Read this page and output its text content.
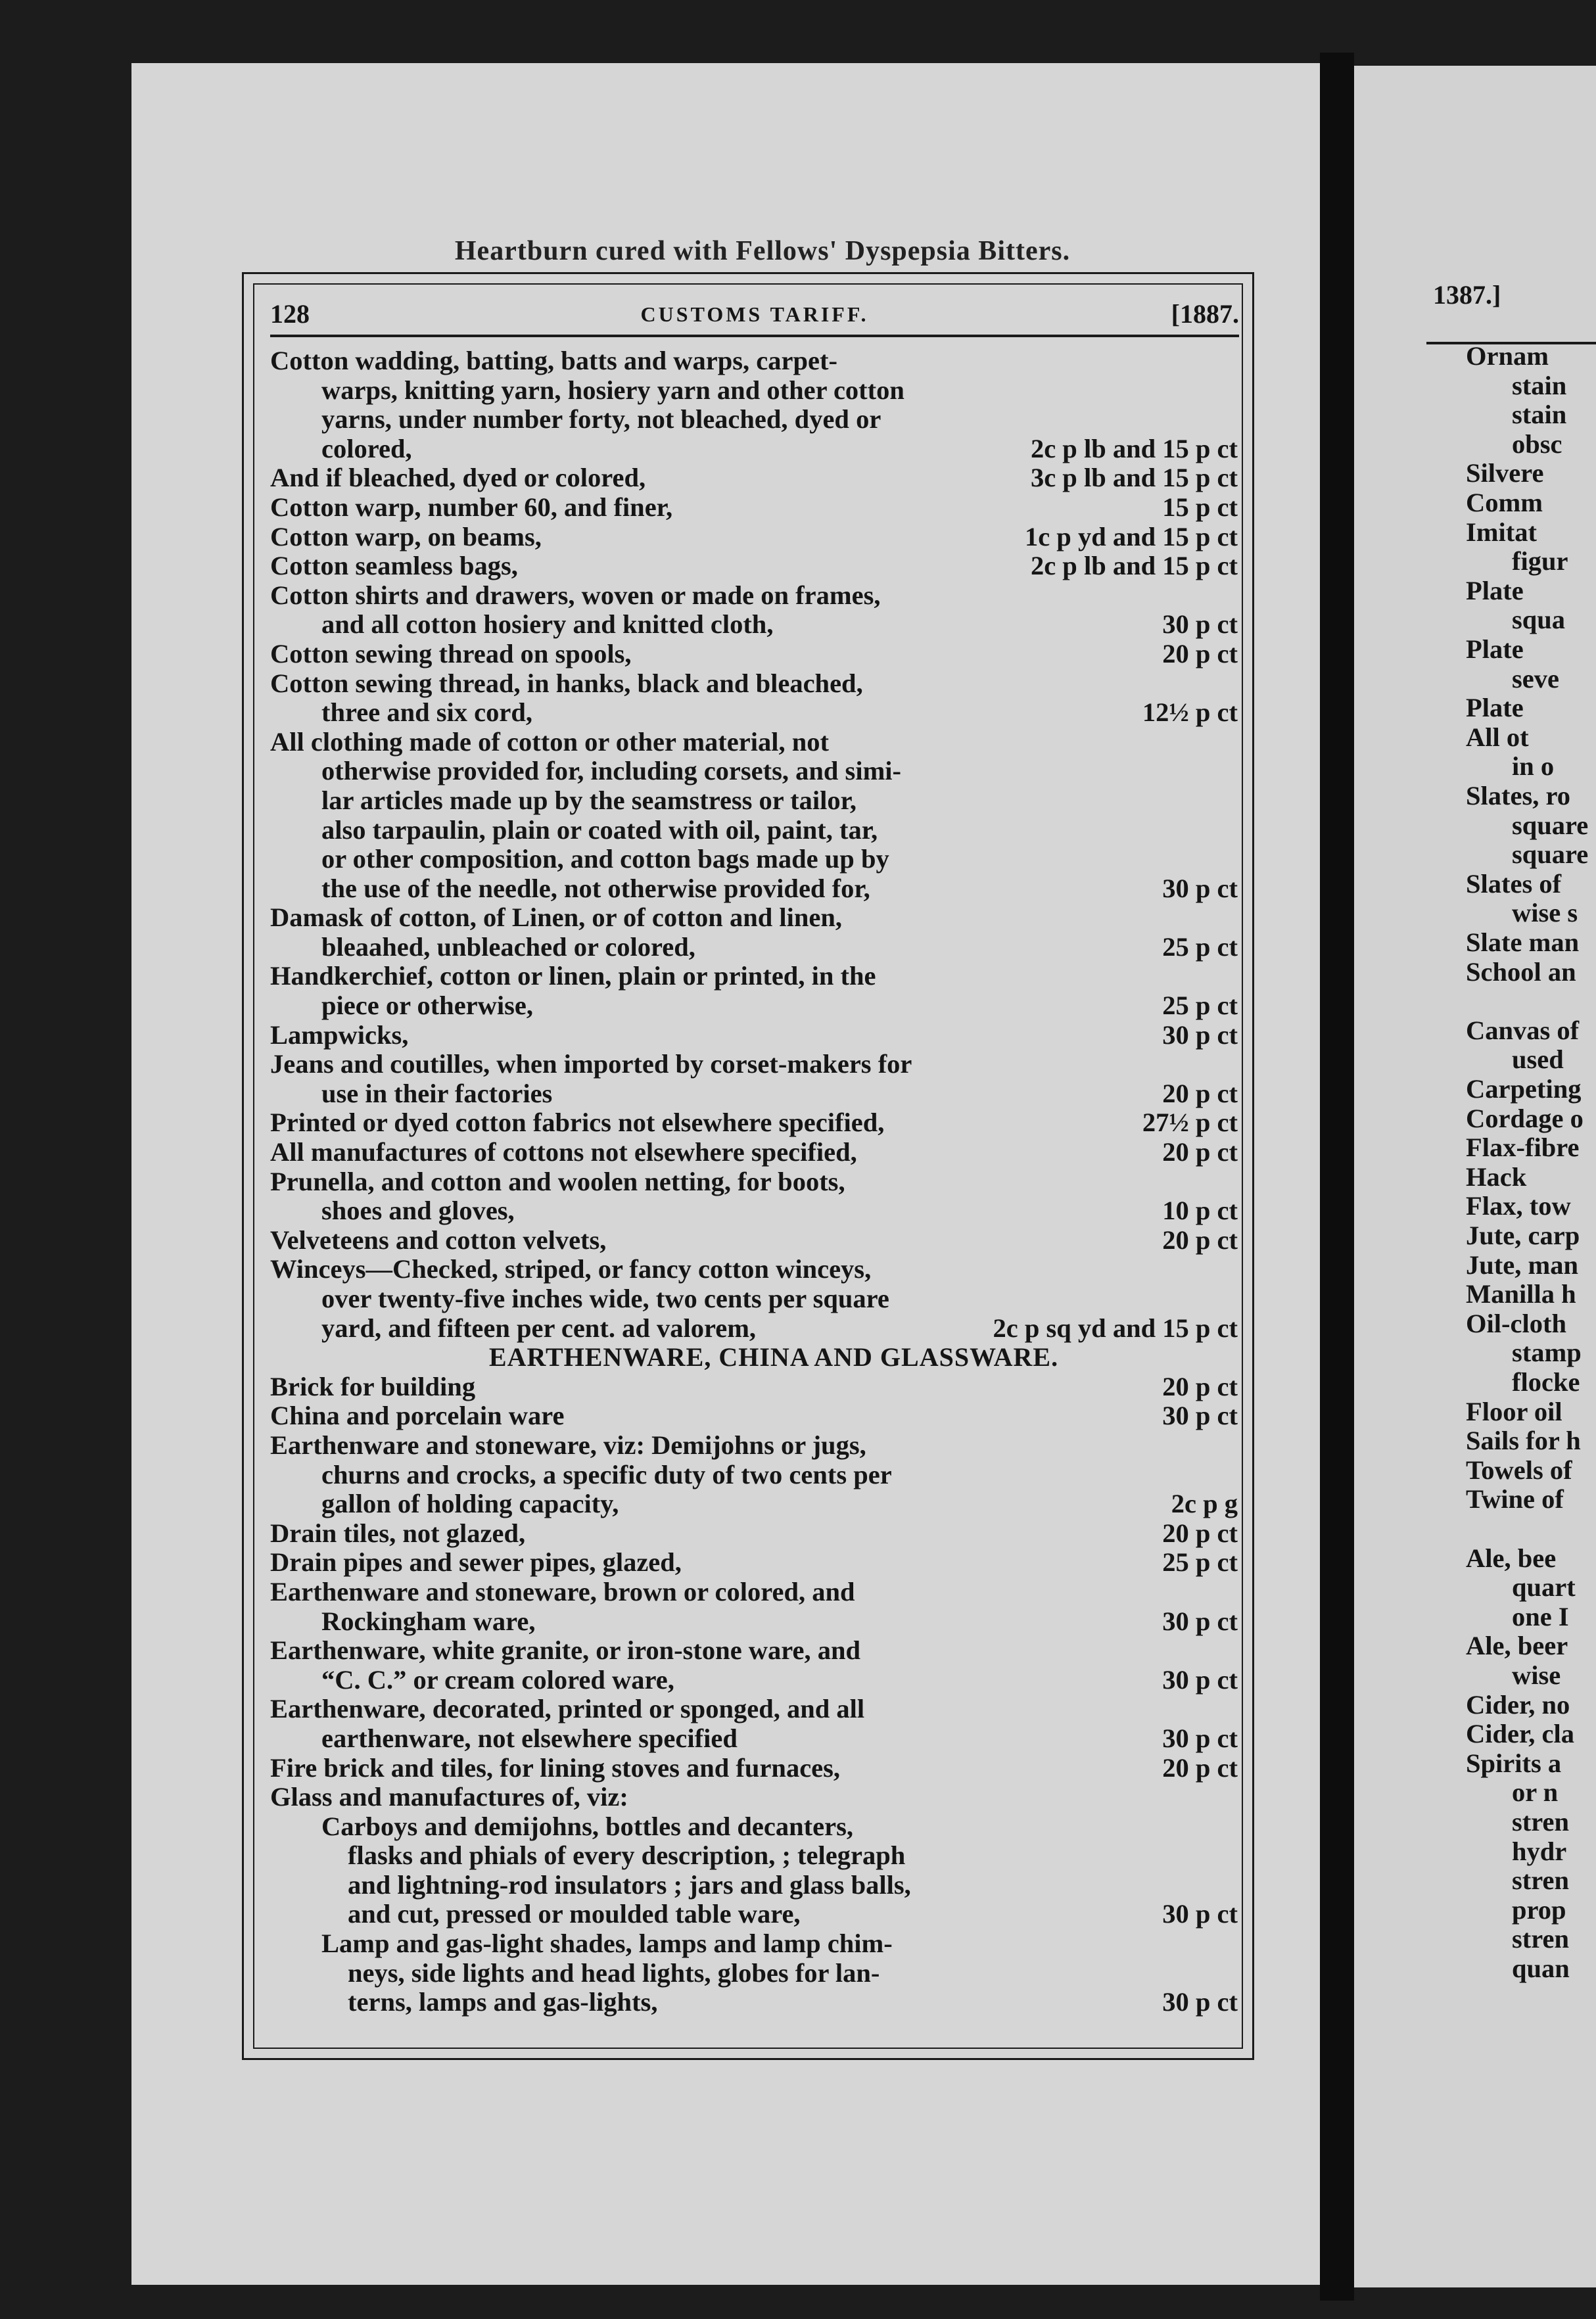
Heartburn cured with Fellows' Dyspepsia Bitters.
128	CUSTOMS TARIFF.	[1887.
Cotton wadding, batting, batts and warps, carpet-
warps, knitting yarn, hosiery yarn and other cotton
yarns, under number forty, not bleached, dyed or
colored,	2c p lb and 15 p ct
And if bleached, dyed or colored,	3c p lb and 15 p ct
Cotton warp, number 60, and finer,	15 p ct
Cotton warp, on beams,	1c p yd and 15 p ct
Cotton seamless bags,	2c p lb and 15 p ct
Cotton shirts and drawers, woven or made on frames,
and all cotton hosiery and knitted cloth,	30 p ct
Cotton sewing thread on spools,	20 p ct
Cotton sewing thread, in hanks, black and bleached,
three and six cord,	12½ p ct
All clothing made of cotton or other material, not
otherwise provided for, including corsets, and simi-
lar articles made up by the seamstress or tailor,
also tarpaulin, plain or coated with oil, paint, tar,
or other composition, and cotton bags made up by
the use of the needle, not otherwise provided for,	30 p ct
Damask of cotton, of Linen, or of cotton and linen,
bleaahed, unbleached or colored,	25 p ct
Handkerchief, cotton or linen, plain or printed, in the
piece or otherwise,	25 p ct
Lampwicks,	30 p ct
Jeans and coutilles, when imported by corset-makers for
use in their factories	20 p ct
Printed or dyed cotton fabrics not elsewhere specified,	27½ p ct
All manufactures of cottons not elsewhere specified,	20 p ct
Prunella, and cotton and woolen netting, for boots,
shoes and gloves,	10 p ct
Velveteens and cotton velvets,	20 p ct
Winceys—Checked, striped, or fancy cotton winceys,
over twenty-five inches wide, two cents per square
yard, and fifteen per cent. ad valorem,	2c p sq yd and 15 p ct
EARTHENWARE, CHINA AND GLASSWARE.
Brick for building	20 p ct
China and porcelain ware	30 p ct
Earthenware and stoneware, viz: Demijohns or jugs,
churns and crocks, a specific duty of two cents per
gallon of holding capacity,	2c p g
Drain tiles, not glazed,	20 p ct
Drain pipes and sewer pipes, glazed,	25 p ct
Earthenware and stoneware, brown or colored, and
Rockingham ware,	30 p ct
Earthenware, white granite, or iron-stone ware, and
“C. C.” or cream colored ware,	30 p ct
Earthenware, decorated, printed or sponged, and all
earthenware, not elsewhere specified	30 p ct
Fire brick and tiles, for lining stoves and furnaces,	20 p ct
Glass and manufactures of, viz:
Carboys and demijohns, bottles and decanters,
flasks and phials of every description, ; telegraph
and lightning-rod insulators ; jars and glass balls,
and cut, pressed or moulded table ware,	30 p ct
Lamp and gas-light shades, lamps and lamp chim-
neys, side lights and head lights, globes for lan-
terns, lamps and gas-lights,	30 p ct
1387.]
Ornam
stain
stain
obsc
Silvere
Comm
Imitat
figur
Plate
squa
Plate
seve
Plate
All ot
in o
Slates, ro
square
square
Slates of
wise s
Slate man
School an
Canvas of
used
Carpeting
Cordage o
Flax-fibre
Hack
Flax, tow
Jute, carp
Jute, man
Manilla h
Oil-cloth
stamp
flocke
Floor oil
Sails for h
Towels of
Twine of
Ale, bee
quart
one I
Ale, beer
wise
Cider, no
Cider, cla
Spirits a
or n
stren
hydr
stren
prop
stren
quan
